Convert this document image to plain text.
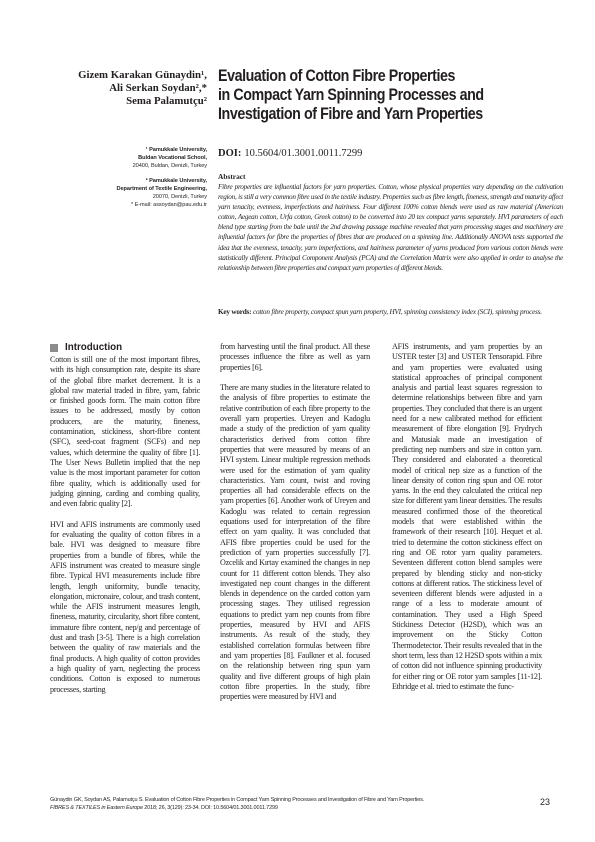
Gizem Karakan Günaydin¹,
Ali Serkan Soydan²,*
Sema Palamutçu²
¹ Pamukkale University,
Buldan Vocational School,
20400, Buldan, Denizli, Turkey
² Pamukkale University,
Department of Textile Engineering,
20070, Denizli, Turkey
* E-mail: assoydan@pau.edu.tr
Evaluation of Cotton Fibre Properties
in Compact Yarn Spinning Processes and
Investigation of Fibre and Yarn Properties
DOI: 10.5604/01.3001.0011.7299
Abstract
Fibre properties are influential factors for yarn properties. Cotton, whose physical properties vary depending on the cultivation region, is still a very common fibre used in the textile industry. Properties such as fibre length, fineness, strength and maturity affect yarn tenacity, evenness, imperfections and hairiness. Four different 100% cotton blends were used as raw material (American cotton, Aegean cotton, Urfa cotton, Greek cotton) to be converted into 20 tex compact yarns separately. HVI parameters of each blend type starting from the bale until the 2nd drawing passage machine revealed that yarn processing stages and machinery are influential factors for fibre the properties of fibres that are produced on a spinning line. Additionally ANOVA tests supported the idea that the evenness, tenacity, yarn imperfections, and hairiness parameter of yarns produced from various cotton blends were statistically different. Principal Component Analysis (PCA) and the Correlation Matrix were also applied in order to analyse the relationship between fibre properties and compact yarn properties of different blends.
Key words: cotton fibre property, compact spun yarn property, HVI, spinning consistency index (SCI), spinning process.
Introduction

Cotton is still one of the most important fibres, with its high consumption rate, despite its share of the global fibre market decrement. It is a global raw material traded in fibre, yarn, fabric or finished goods form. The main cotton fibre issues to be addressed, mostly by cotton producers, are the maturity, fineness, contamination, stickiness, short-fibre content (SFC), seed-coat fragment (SCFs) and nep values, which determine the quality of fibre [1]. The User News Bulletin implied that the nep value is the most important parameter for cotton fibre quality, which is additionally used for judging ginning, carding and combing quality, and even fabric quality [2].

HVI and AFIS instruments are commonly used for evaluating the quality of cotton fibres in a bale. HVI was designed to measure fibre properties from a bundle of fibres, while the AFIS instrument was created to measure single fibre. Typical HVI measurements include fibre length, length uniformity, bundle tenacity, elongation, micronaire, colour, and trash content, while the AFIS instrument measures length, fineness, maturity, circularity, short fibre content, immature fibre content, nep/g and percentage of dust and trash [3-5]. There is a high correlation between the quality of raw materials and the final products. A high quality of cotton provides a high quality of yarn, neglecting the process conditions. Cotton is exposed to numerous processes, starting

from harvesting until the final product. All these processes influence the fibre as well as yarn properties [6].

There are many studies in the literature related to the analysis of fibre properties to estimate the relative contribution of each fibre property to the overall yarn properties. Ureyen and Kadoglu made a study of the prediction of yarn quality characteristics derived from cotton fibre properties that were measured by means of an HVI system. Linear multiple regression methods were used for the estimation of yarn quality characteristics. Yarn count, twist and roving properties all had considerable effects on the yarn properties [6]. Another work of Ureyen and Kadoglu was related to certain regression equations used for interpretation of the fibre effect on yarn quality. It was concluded that AFIS fibre properties could be used for the prediction of yarn properties successfully [7]. Ozcelik and Kırtay examined the changes in nep count for 11 different cotton blends. They also investigated nep count changes in the different blends in dependence on the carded cotton yarn processing stages. They utilised regression equations to predict yarn nep counts from fibre properties, measured by HVI and AFIS instruments. As result of the study, they established correlation formulas between fibre and yarn properties [8]. Faulkner et al. focused on the relationship between ring spun yarn quality and five different groups of high plain cotton fibre properties. In the study, fibre properties were measured by HVI and

AFIS instruments, and yarn properties by an USTER tester [3] and USTER Tensorapid. Fibre and yarn properties were evaluated using statistical approaches of principal component analysis and partial least squares regression to determine relationships between fibre and yarn properties. They concluded that there is an urgent need for a new calibrated method for efficient measurement of fibre elongation [9]. Frydrych and Matusiak made an investigation of predicting nep numbers and size in cotton yarn. They considered and elaborated a theoretical model of critical nep size as a function of the linear density of cotton ring spun and OE rotor yarns. In the end they calculated the critical nep size for different yarn linear densities. The results measured confirmed those of the theoretical models that were established within the framework of their research [10]. Hequet et al. tried to determine the cotton stickiness effect on ring and OE rotor yarn quality parameters. Seventeen different cotton blend samples were prepared by blending sticky and non-sticky cottons at different ratios. The stickiness level of seventeen different blends were adjusted in a range of a less to moderate amount of contamination. They used a High Speed Stickiness Detector (H2SD), which was an improvement on the Sticky Cotton Thermodetector. Their results revealed that in the short term, less than 12 H2SD spots within a mix of cotton did not influence spinning productivity for either ring or OE rotor yarn samples [11-12]. Ethridge et al. tried to estimate the func-

Günaydin GK, Soydan AS, Palamutçu S. Evaluation of Cotton Fibre Properties in Compact Yarn Spinning Processes and Investigation of Fibre and Yarn Properties.
FIBRES & TEXTILES in Eastern Europe 2018; 26, 3(129): 23-34. DOI: 10.5604/01.3001.0011.7299
23
